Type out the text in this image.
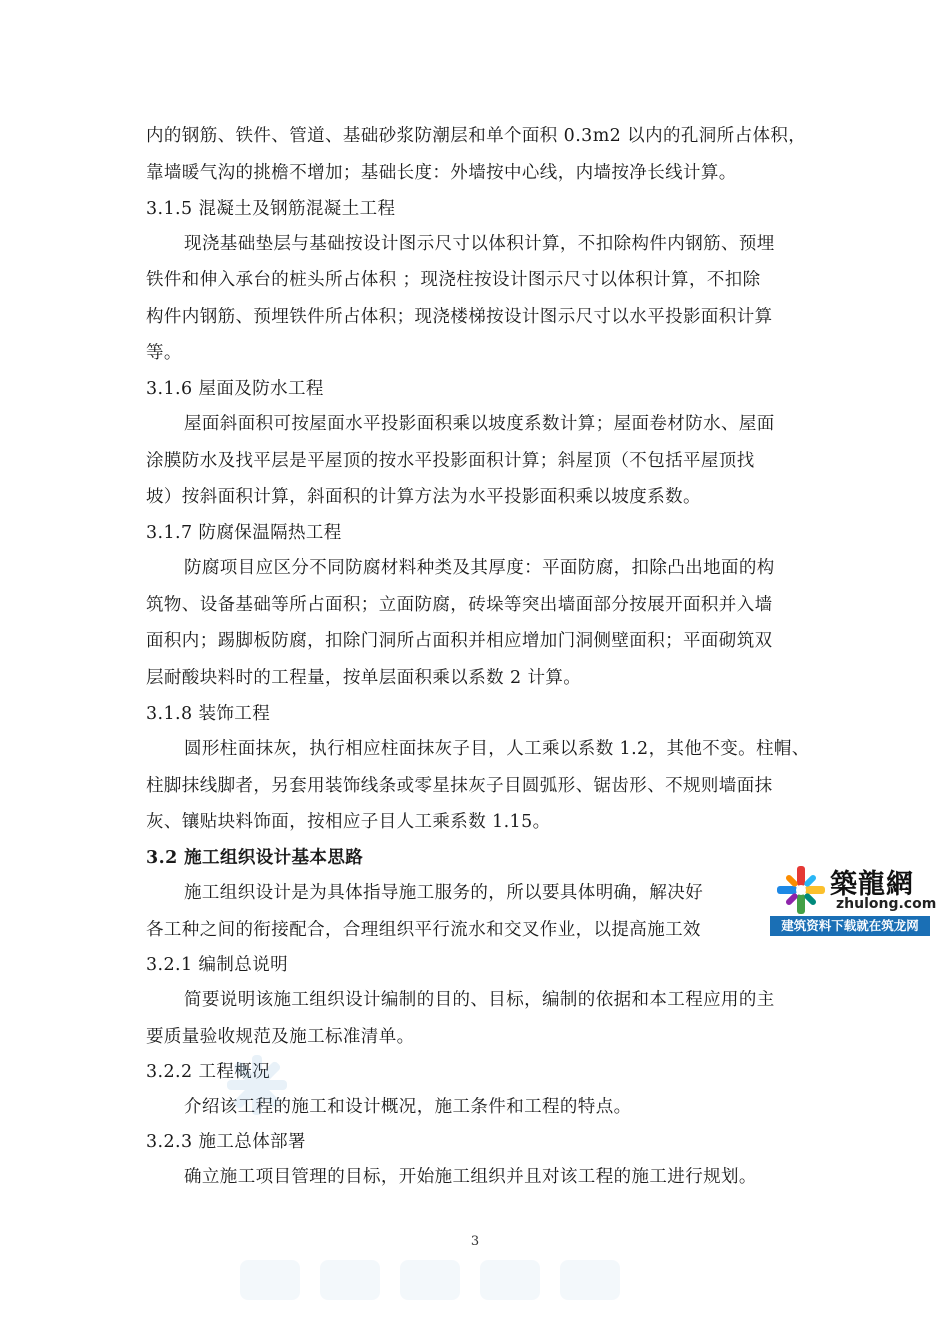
内的钢筋、铁件、管道、基础砂浆防潮层和单个面积 0.3m2 以内的孔洞所占体积，
靠墙暖气沟的挑檐不增加；基础长度：外墙按中心线，内墙按净长线计算。
3.1.5 混凝土及钢筋混凝土工程
现浇基础垫层与基础按设计图示尺寸以体积计算，不扣除构件内钢筋、预埋
铁件和伸入承台的桩头所占体积 ；现浇柱按设计图示尺寸以体积计算，不扣除
构件内钢筋、预埋铁件所占体积；现浇楼梯按设计图示尺寸以水平投影面积计算
等。
3.1.6 屋面及防水工程
屋面斜面积可按屋面水平投影面积乘以坡度系数计算；屋面卷材防水、屋面
涂膜防水及找平层是平屋顶的按水平投影面积计算；斜屋顶（不包括平屋顶找
坡）按斜面积计算，斜面积的计算方法为水平投影面积乘以坡度系数。
3.1.7 防腐保温隔热工程
防腐项目应区分不同防腐材料种类及其厚度：平面防腐，扣除凸出地面的构
筑物、设备基础等所占面积；立面防腐，砖垛等突出墙面部分按展开面积并入墙
面积内；踢脚板防腐，扣除门洞所占面积并相应增加门洞侧壁面积；平面砌筑双
层耐酸块料时的工程量，按单层面积乘以系数 2 计算。
3.1.8 装饰工程
圆形柱面抹灰，执行相应柱面抹灰子目，人工乘以系数 1.2，其他不变。柱帽、
柱脚抹线脚者，另套用装饰线条或零星抹灰子目圆弧形、锯齿形、不规则墙面抹
灰、镶贴块料饰面，按相应子目人工乘系数 1.15。
3.2 施工组织设计基本思路
施工组织设计是为具体指导施工服务的，所以要具体明确，解决好
各工种之间的衔接配合，合理组织平行流水和交叉作业，以提高施工效
3.2.1 编制总说明
简要说明该施工组织设计编制的目的、目标，编制的依据和本工程应用的主
要质量验收规范及施工标准清单。
3.2.2 工程概况
介绍该工程的施工和设计概况，施工条件和工程的特点。
3.2.3 施工总体部署
确立施工项目管理的目标，开始施工组织并且对该工程的施工进行规划。
築龍網
zhulong.com
建筑资料下载就在筑龙网
3
